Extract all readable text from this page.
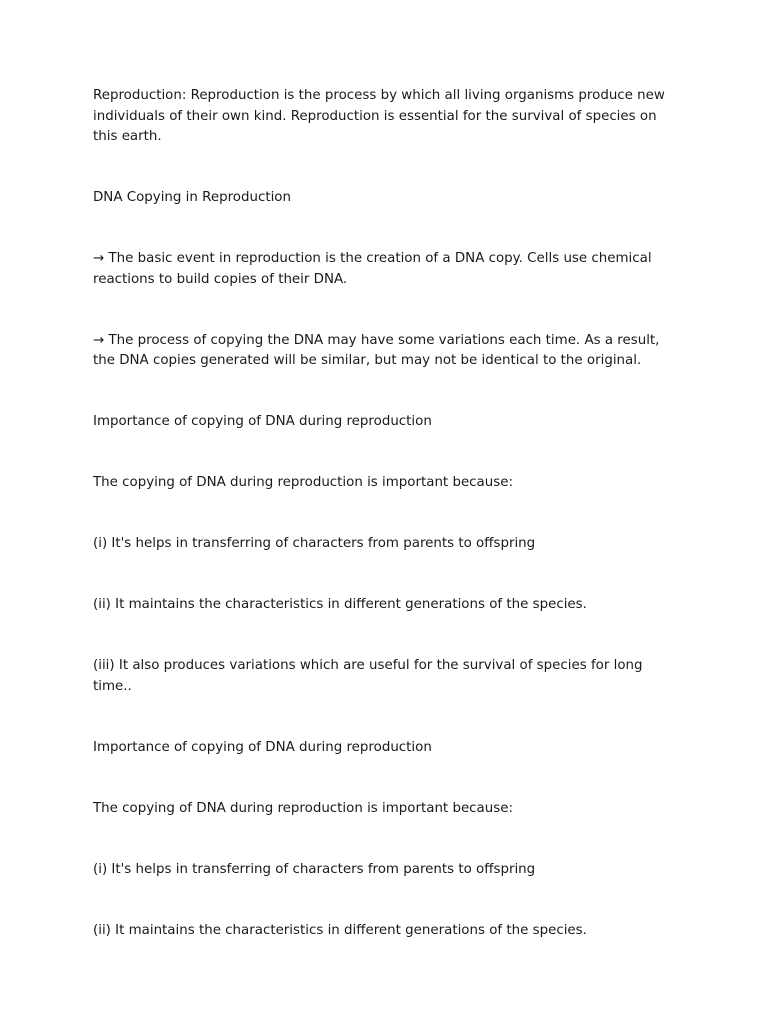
Reproduction: Reproduction is the process by which all living organisms produce new individuals of their own kind. Reproduction is essential for the survival of species on this earth.

DNA Copying in Reproduction

→ The basic event in reproduction is the creation of a DNA copy. Cells use chemical reactions to build copies of their DNA.

→ The process of copying the DNA may have some variations each time. As a result, the DNA copies generated will be similar, but may not be identical to the original.

Importance of copying of DNA during reproduction

The copying of DNA during reproduction is important because:

(i) It's helps in transferring of characters from parents to offspring

(ii) It maintains the characteristics in different generations of the species.

(iii) It also produces variations which are useful for the survival of species for long time..

Importance of copying of DNA during reproduction

The copying of DNA during reproduction is important because:

(i) It's helps in transferring of characters from parents to offspring

(ii) It maintains the characteristics in different generations of the species.
